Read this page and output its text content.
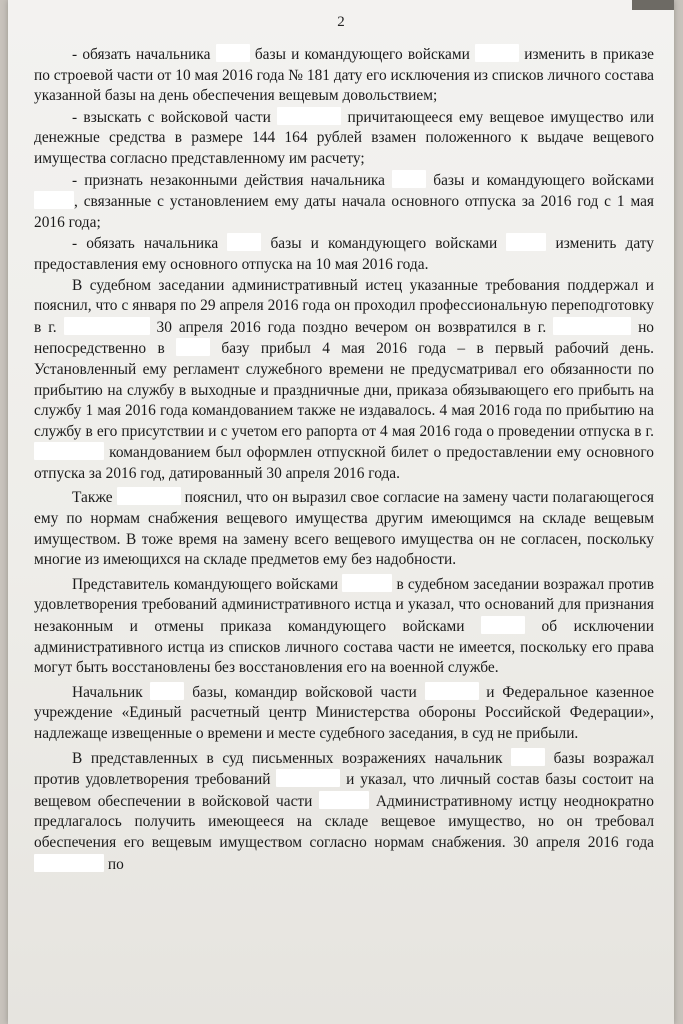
2

- обязать начальника  базы и командующего войсками	изменить в приказе по строевой части от 10 мая 2016 года № 181 дату его исключения из списков личного состава указанной базы на день обеспечения вещевым довольствием;

- взыскать с войсковой части	причитающееся ему вещевое имущество или денежные средства в размере 144 164 рублей взамен положенного к выдаче вещевого имущества согласно представленному им расчету;

- признать незаконными действия начальника  базы и командующего войсками , связанные с установлением ему даты начала основного отпуска за 2016 год с 1 мая 2016 года;

- обязать начальника  базы и командующего войсками	изменить дату предоставления ему основного отпуска на 10 мая 2016 года.

В судебном заседании административный истец указанные требования поддержал и пояснил, что с января по 29 апреля 2016 года он проходил профессиональную переподготовку в г.	30 апреля 2016 года поздно вечером он возвратился в г.	но непосредственно в  базу прибыл 4 мая 2016 года – в первый рабочий день. Установленный ему регламент служебного времени не предусматривал его обязанности по прибытию на службу в выходные и праздничные дни, приказа обязывающего его прибыть на службу 1 мая 2016 года командованием также не издавалось. 4 мая 2016 года по прибытию на службу в его присутствии и с учетом его рапорта от 4 мая 2016 года о проведении отпуска в г.  командованием был оформлен отпускной билет о предоставлении ему основного отпуска за 2016 год, датированный 30 апреля 2016 года.

Также	пояснил, что он выразил свое согласие на замену части полагающегося ему по нормам снабжения вещевого имущества другим имеющимся на складе вещевым имуществом. В тоже время на замену всего вещевого имущества он не согласен, поскольку многие из имеющихся на складе предметов ему без надобности.

Представитель командующего войсками	в судебном заседании возражал против удовлетворения требований административного истца и указал, что оснований для признания незаконным и отмены приказа командующего войсками	об исключении административного истца из списков личного состава части не имеется, поскольку его права могут быть восстановлены без восстановления его на военной службе.

Начальник  базы, командир войсковой части	и Федеральное казенное учреждение «Единый расчетный центр Министерства обороны Российской Федерации», надлежаще извещенные о времени и месте судебного заседания, в суд не прибыли.

В представленных в суд письменных возражениях начальник  базы возражал против удовлетворения требований	и указал, что личный состав базы состоит на вещевом обеспечении в войсковой части	Административному истцу неоднократно предлагалось получить имеющееся на складе вещевое имущество, но он требовал обеспечения его вещевым имуществом согласно нормам снабжения. 30 апреля 2016 года  по
